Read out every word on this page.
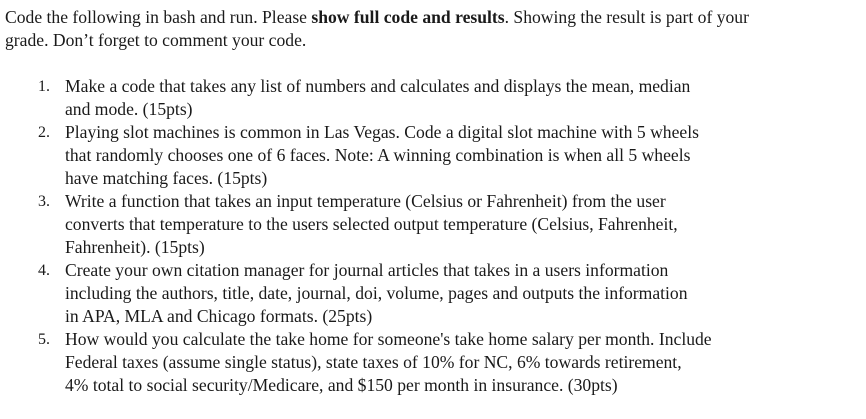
Code the following in bash and run. Please show full code and results. Showing the result is part of your grade. Don’t forget to comment your code.

1. Make a code that takes any list of numbers and calculates and displays the mean, median
and mode. (15pts)
2. Playing slot machines is common in Las Vegas. Code a digital slot machine with 5 wheels
that randomly chooses one of 6 faces. Note: A winning combination is when all 5 wheels
have matching faces. (15pts)
3. Write a function that takes an input temperature (Celsius or Fahrenheit) from the user
converts that temperature to the users selected output temperature (Celsius, Fahrenheit,
Fahrenheit). (15pts)
4. Create your own citation manager for journal articles that takes in a users information
including the authors, title, date, journal, doi, volume, pages and outputs the information
in APA, MLA and Chicago formats. (25pts)
5. How would you calculate the take home for someone's take home salary per month. Include
Federal taxes (assume single status), state taxes of 10% for NC, 6% towards retirement,
4% total to social security/Medicare, and $150 per month in insurance. (30pts)
